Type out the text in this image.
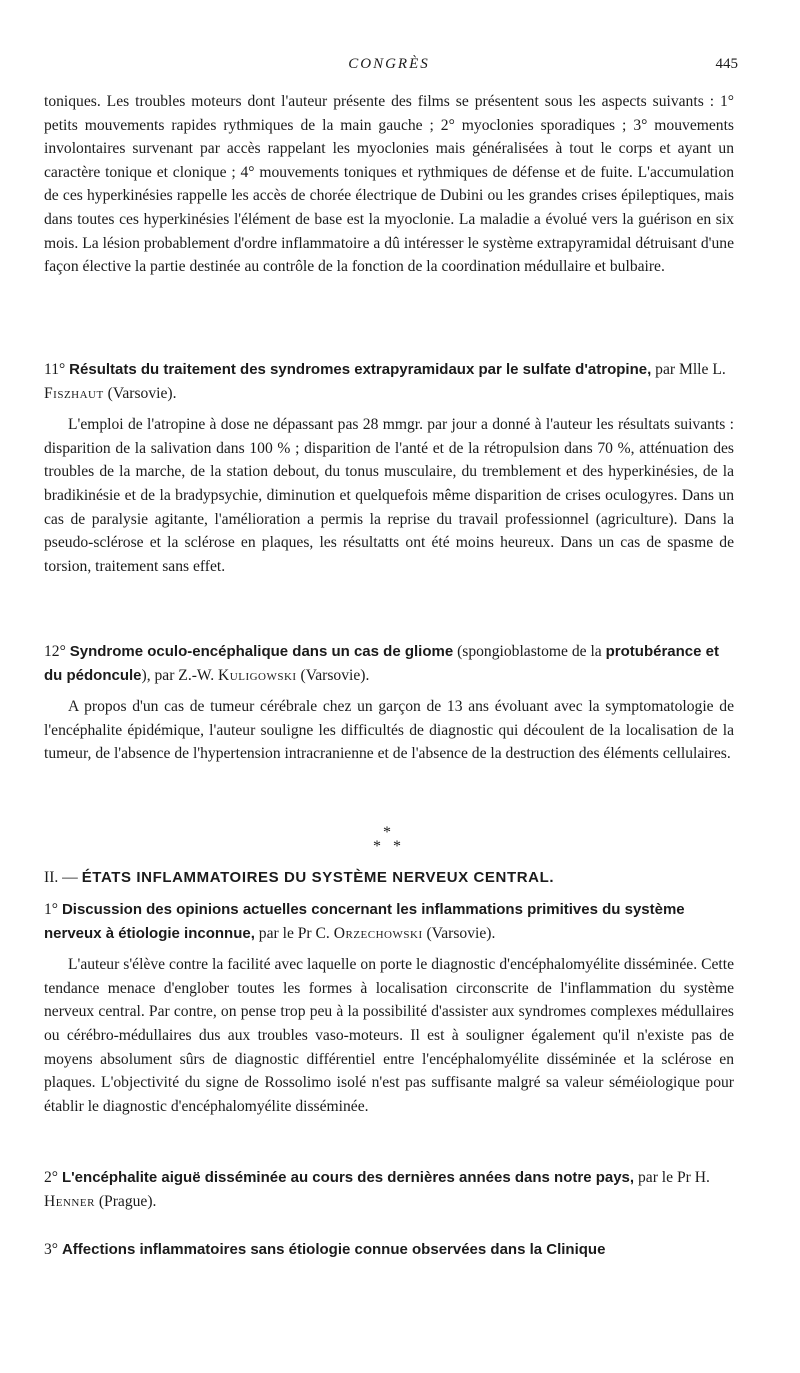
CONGRÈS	445

toniques. Les troubles moteurs dont l'auteur présente des films se présentent sous les aspects suivants : 1° petits mouvements rapides rythmiques de la main gauche ; 2° myoclonies sporadiques ; 3° mouvements involontaires survenant par accès rappelant les myoclonies mais généralisées à tout le corps et ayant un caractère tonique et clonique ; 4° mouvements toniques et rythmiques de défense et de fuite. L'accumulation de ces hyperkinésies rappelle les accès de chorée électrique de Dubini ou les grandes crises épileptiques, mais dans toutes ces hyperkinésies l'élément de base est la myoclonie. La maladie a évolué vers la guérison en six mois. La lésion probablement d'ordre inflammatoire a dû intéresser le système extrapyramidal détruisant d'une façon élective la partie destinée au contrôle de la fonction de la coordination médullaire et bulbaire.

11° Résultats du traitement des syndromes extrapyramidaux par le sulfate d'atropine, par Mlle L. Fiszhaut (Varsovie).

L'emploi de l'atropine à dose ne dépassant pas 28 mmgr. par jour a donné à l'auteur les résultats suivants : disparition de la salivation dans 100 % ; disparition de l'anté et de la rétropulsion dans 70 %, atténuation des troubles de la marche, de la station debout, du tonus musculaire, du tremblement et des hyperkinésies, de la bradikinésie et de la bradypsychie, diminution et quelquefois même disparition de crises oculogyres. Dans un cas de paralysie agitante, l'amélioration a permis la reprise du travail professionnel (agriculture). Dans la pseudo-sclérose et la sclérose en plaques, les résultatts ont été moins heureux. Dans un cas de spasme de torsion, traitement sans effet.

12° Syndrome oculo-encéphalique dans un cas de gliome (spongioblastome de la protubérance et du pédoncule), par Z.-W. Kuligowski (Varsovie).

A propos d'un cas de tumeur cérébrale chez un garçon de 13 ans évoluant avec la symptomatologie de l'encéphalite épidémique, l'auteur souligne les difficultés de diagnostic qui découlent de la localisation de la tumeur, de l'absence de l'hypertension intracranienne et de l'absence de la destruction des éléments cellulaires.

*
* *

II. — ÉTATS INFLAMMATOIRES DU SYSTÈME NERVEUX CENTRAL.

1° Discussion des opinions actuelles concernant les inflammations primitives du système nerveux à étiologie inconnue, par le Pr C. Orzechowski (Varsovie).

L'auteur s'élève contre la facilité avec laquelle on porte le diagnostic d'encéphalomyélite disséminée. Cette tendance menace d'englober toutes les formes à localisation circonscrite de l'inflammation du système nerveux central. Par contre, on pense trop peu à la possibilité d'assister aux syndromes complexes médullaires ou cérébro-médullaires dus aux troubles vaso-moteurs. Il est à souligner également qu'il n'existe pas de moyens absolument sûrs de diagnostic différentiel entre l'encéphalomyélite disséminée et la sclérose en plaques. L'objectivité du signe de Rossolimo isolé n'est pas suffisante malgré sa valeur séméiologique pour établir le diagnostic d'encéphalomyélite disséminée.

2° L'encéphalite aiguë disséminée au cours des dernières années dans notre pays, par le Pr H. Henner (Prague).

3° Affections inflammatoires sans étiologie connue observées dans la Clinique
